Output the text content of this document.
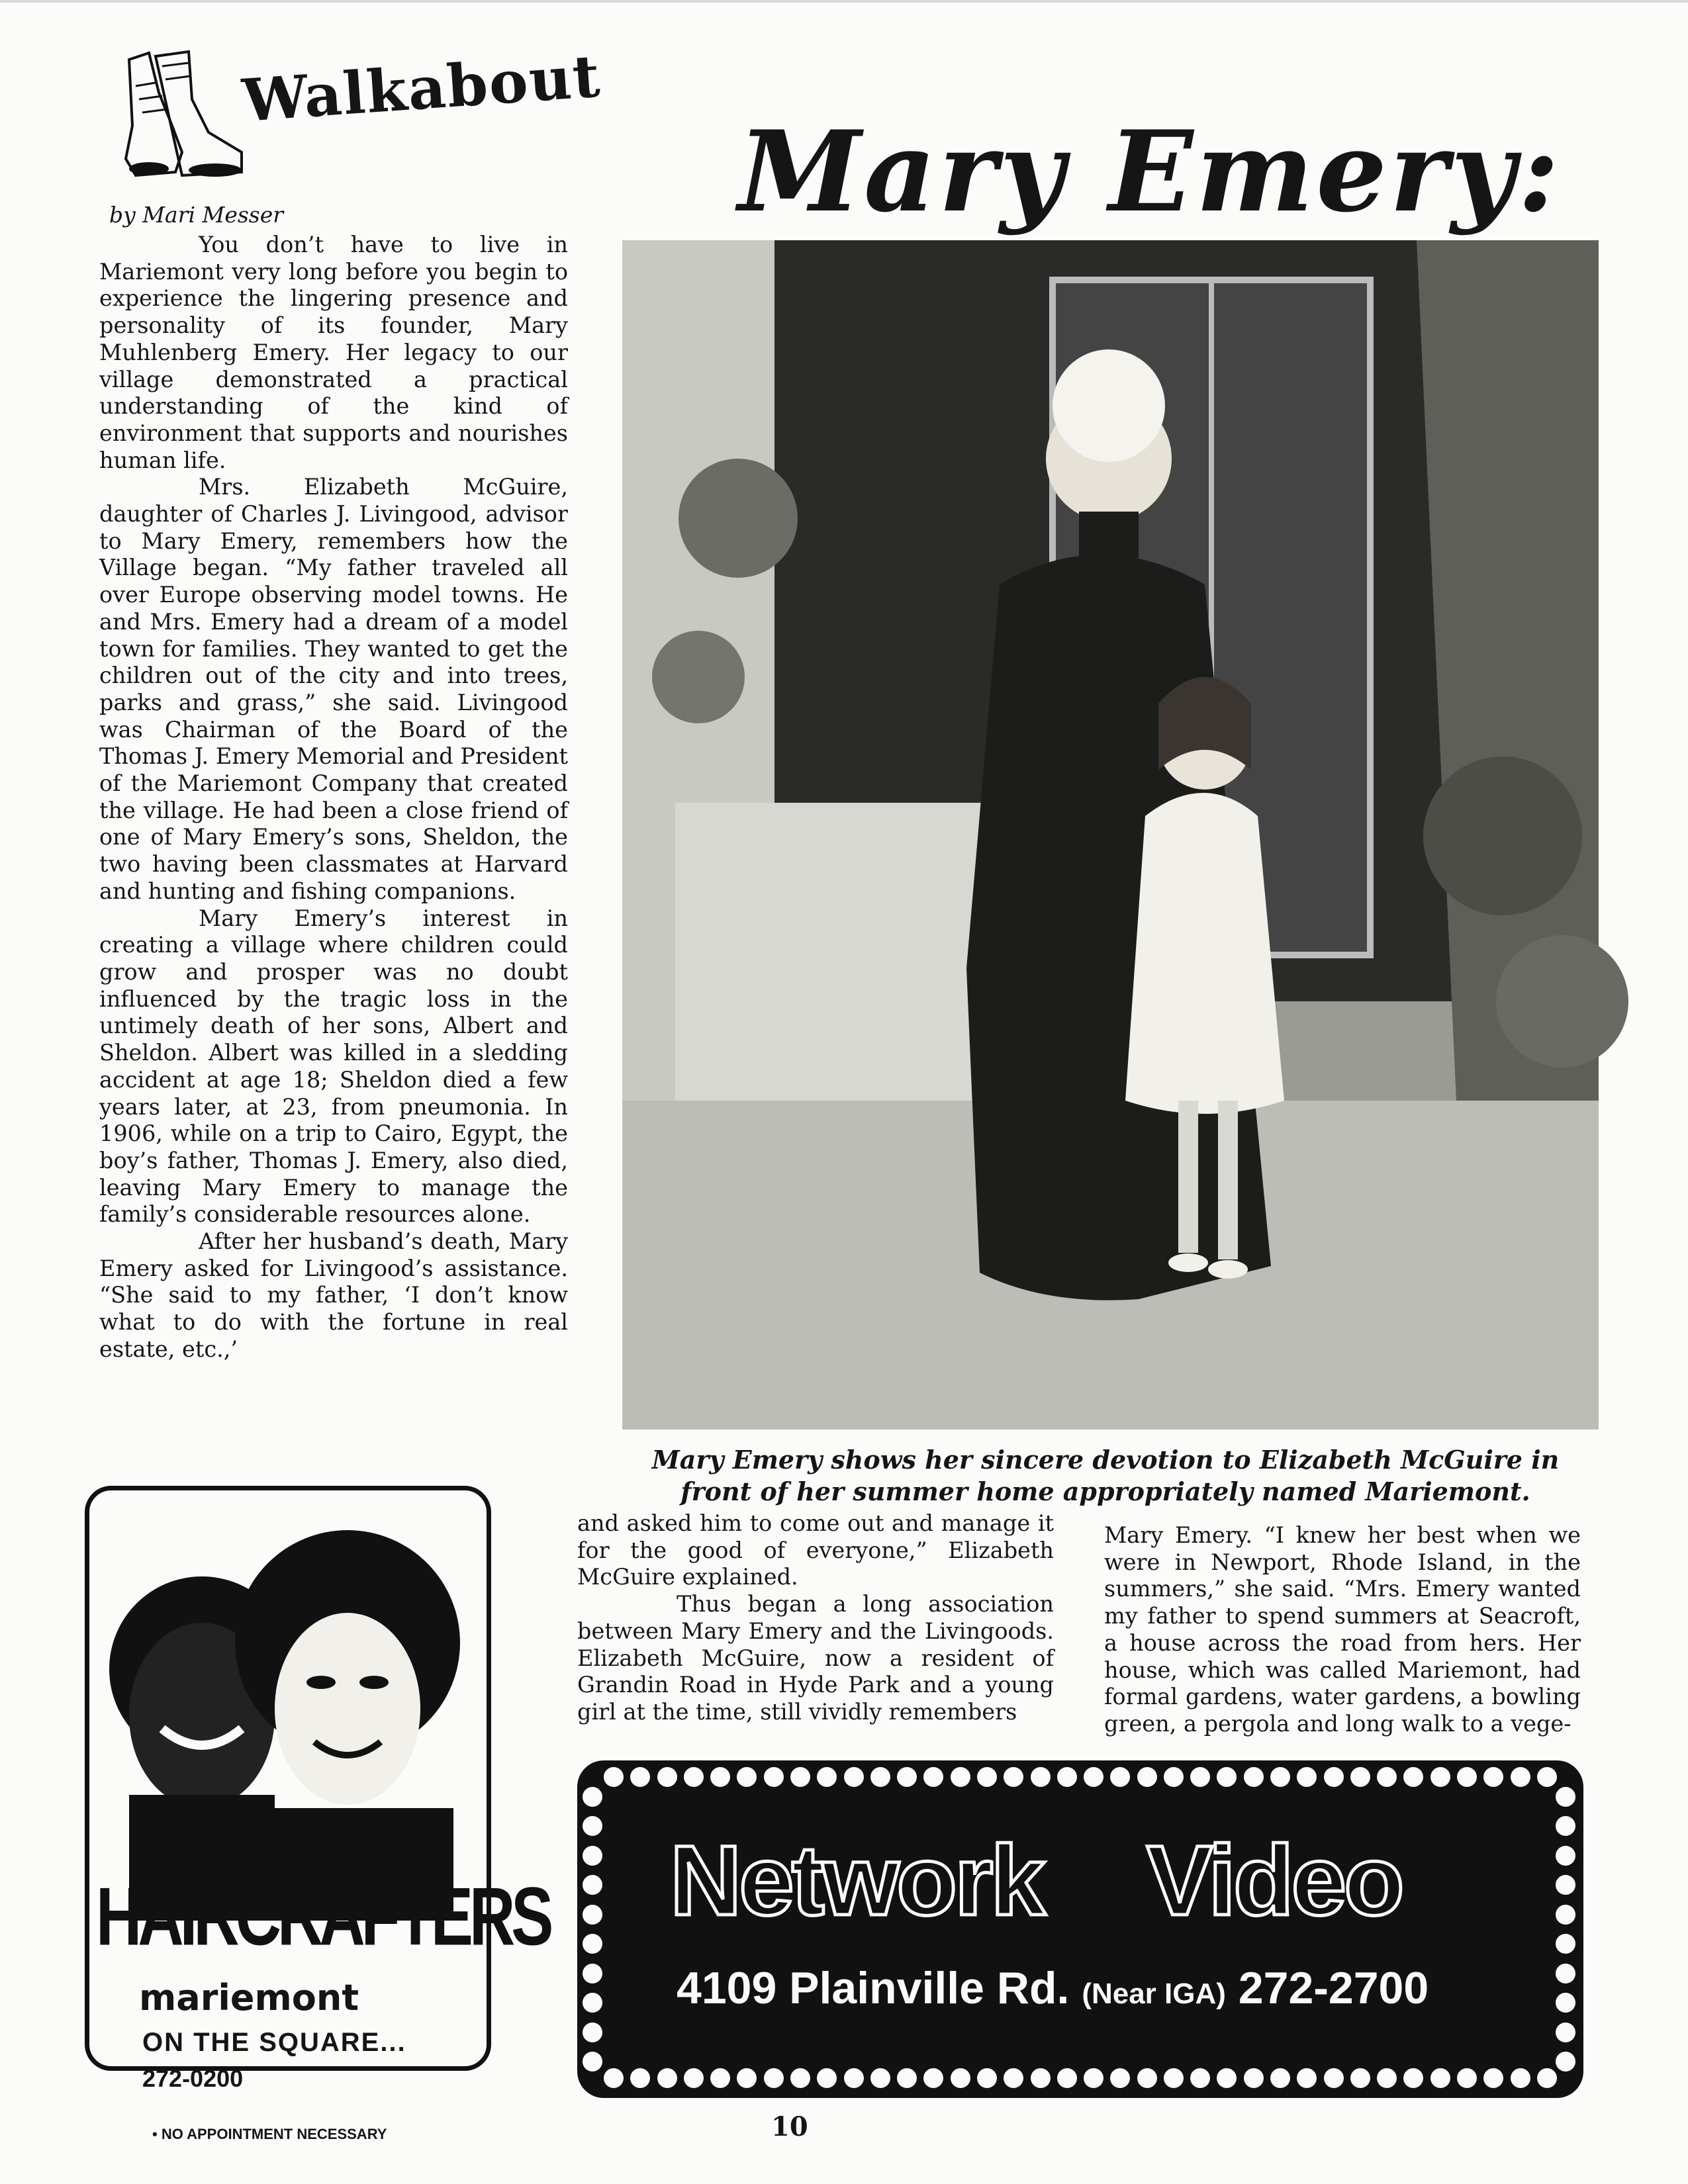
Walkabout
by Mari Messer	Mary Emery:

You don’t have to live in Mariemont very long before you begin to experience the lingering presence and personality of its founder, Mary Muhlenberg Emery. Her legacy to our village demonstrated a practical understanding of the kind of environment that supports and nourishes human life.

Mrs. Elizabeth McGuire, daughter of Charles J. Livingood, advisor to Mary Emery, remembers how the Village began. “My father traveled all over Europe observing model towns. He and Mrs. Emery had a dream of a model town for families. They wanted to get the children out of the city and into trees, parks and grass,” she said. Livingood was Chairman of the Board of the Thomas J. Emery Memorial and President of the Mariemont Company that created the village. He had been a close friend of one of Mary Emery’s sons, Sheldon, the two having been classmates at Harvard and hunting and fishing companions.

Mary Emery’s interest in creating a village where children could grow and prosper was no doubt influenced by the tragic loss in the untimely death of her sons, Albert and Sheldon. Albert was killed in a sledding accident at age 18; Sheldon died a few years later, at 23, from pneumonia. In 1906, while on a trip to Cairo, Egypt, the boy’s father, Thomas J. Emery, also died, leaving Mary Emery to manage the family’s considerable resources alone.

After her husband’s death, Mary Emery asked for Livingood’s assistance. “She said to my father, ‘I don’t know what to do with the fortune in real estate, etc.,’

Mary Emery shows her sincere devotion to Elizabeth McGuire in
front of her summer home appropriately named Mariemont.

and asked him to come out and manage it for the good of everyone,” Elizabeth McGuire explained.

Thus began a long association between Mary Emery and the Livingoods. Elizabeth McGuire, now a resident of Grandin Road in Hyde Park and a young girl at the time, still vividly remembers

Mary Emery. “I knew her best when we were in Newport, Rhode Island, in the summers,” she said. “Mrs. Emery wanted my father to spend summers at Seacroft, a house across the road from hers. Her house, which was called Mariemont, had formal gardens, water gardens, a bowling green, a pergola and long walk to a vege-

HAIRCRAFTERS
mariemont
ON THE SQUARE...
272-0200
• NO APPOINTMENT NECESSARY
Network Video
4109 Plainville Rd. (Near IGA) 272-2700
10
